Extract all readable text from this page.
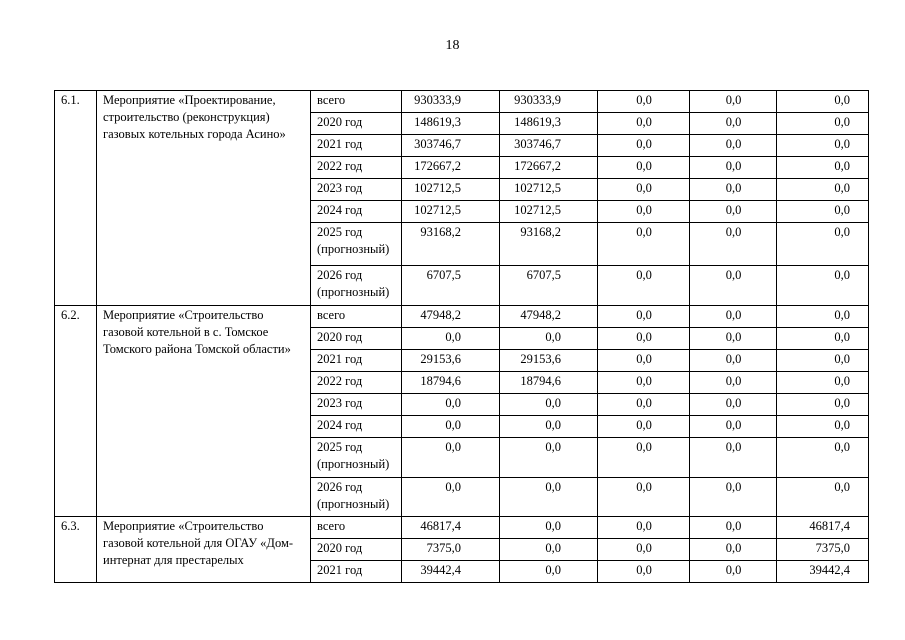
18
6.1.	Мероприятие «Проектирование, строительство (реконструкция) газовых котельных города Асино»	всего	930333,9	930333,9	0,0	0,0	0,0
		2020 год	148619,3	148619,3	0,0	0,0	0,0
		2021 год	303746,7	303746,7	0,0	0,0	0,0
		2022 год	172667,2	172667,2	0,0	0,0	0,0
		2023 год	102712,5	102712,5	0,0	0,0	0,0
		2024 год	102712,5	102712,5	0,0	0,0	0,0
		2025 год (прогнозный)	93168,2	93168,2	0,0	0,0	0,0
		2026 год (прогнозный)	6707,5	6707,5	0,0	0,0	0,0
6.2.	Мероприятие «Строительство газовой котельной в с. Томское Томского района Томской области»	всего	47948,2	47948,2	0,0	0,0	0,0
		2020 год	0,0	0,0	0,0	0,0	0,0
		2021 год	29153,6	29153,6	0,0	0,0	0,0
		2022 год	18794,6	18794,6	0,0	0,0	0,0
		2023 год	0,0	0,0	0,0	0,0	0,0
		2024 год	0,0	0,0	0,0	0,0	0,0
		2025 год (прогнозный)	0,0	0,0	0,0	0,0	0,0
		2026 год (прогнозный)	0,0	0,0	0,0	0,0	0,0
6.3.	Мероприятие «Строительство газовой котельной для ОГАУ «Дом-интернат для престарелых	всего	46817,4	0,0	0,0	0,0	46817,4
		2020 год	7375,0	0,0	0,0	0,0	7375,0
		2021 год	39442,4	0,0	0,0	0,0	39442,4
